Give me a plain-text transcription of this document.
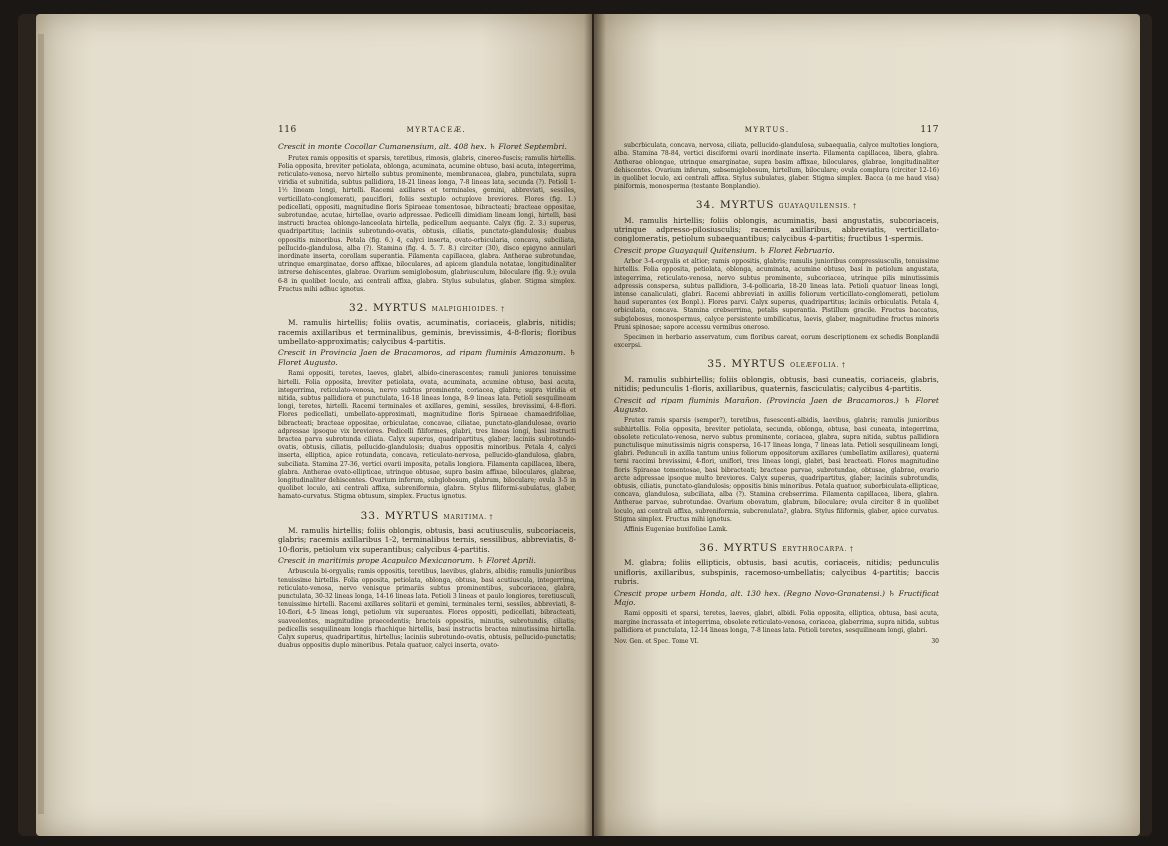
116	MYRTACEÆ.
Crescit in monte Cocollar Cumanensium, alt. 408 hex. ♄ Floret Septembri.

Frutex ramis oppositis et sparsis, teretibus, rimosis, glabris, cinereo-fuscis; ramulis hirtellis. Folia opposita, breviter petiolata, oblonga, acuminata, acumine obtuso, basi acuta, integerrima, reticulato-venosa, nervo hirtello subtus prominente, membranacea, glabra, punctulata, supra viridia et subnitida, subtus pallidiora, 18-21 lineas longa, 7-8 lineas lata, secunda (?). Petioli 1-1½ lineam longi, hirtelli. Racemi axillares et terminales, gemini, abbreviati, sessiles, verticillato-conglomerati, pauciflori, foliis sextuplo octuplove breviores. Flores (fig. 1.) pedicellati, oppositi, magnitudine floris Spiraeae tomentosae, bibracteati; bracteae oppositae, subrotundae, acutae, hirtellae, ovario adpressae. Pedicelli dimidiam lineam longi, hirtelli, basi instructi bractea oblongo-lanceolata hirtella, pedicellum aequante. Calyx (fig. 2. 3.) superus, quadripartitus; laciniis subrotundo-ovatis, obtusis, ciliatis, punctato-glandulosis; duabus oppositis minoribus. Petala (fig. 6.) 4, calyci inserta, ovato-orbicularia, concava, subciliata, pellucido-glandulosa, alba (?). Stamina (fig. 4. 5. 7. 8.) circiter (30), disco epigyno annulari inordinate inserta, corollam superantia. Filamenta capillacea, glabra. Antherae subrotundae, utrinque emarginatae, dorso affixae, biloculares, ad apicem glandula notatae, longitudinaliter intrerse dehiscentes, glabrae. Ovarium semiglobosum, glabriusculum, biloculare (fig. 9.); ovula 6-8 in quolibet loculo, axi centrali affixa, glabra. Stylus subulatus, glaber. Stigma simplex. Fructus mihi adhuc ignotus.

32. MYRTUS MALPIGHIOIDES. †
M. ramulis hirtellis; foliis ovatis, acuminatis, coriaceis, glabris, nitidis; racemis axillaribus et terminalibus, geminis, brevissimis, 4-8-floris; floribus umbellato-approximatis; calycibus 4-partitis.
Crescit in Provincia Jaen de Bracamoros, ad ripam fluminis Amazonum. ♄ Floret Augusto.

Rami oppositi, teretes, laeves, glabri, albido-cinerascentes; ramuli juniores tenuissime hirtelli. Folia opposita, breviter petiolata, ovata, acuminata, acumine obtuso, basi acuta, integerrima, reticulato-venosa, nervo subtus prominente, coriacea, glabra; supra viridia et nitida, subtus pallidiora et punctulata, 16-18 lineas longa, 8-9 lineas lata. Petioli sesquilineam longi, teretes, hirtelli. Racemi terminales et axillares, gemini, sessiles, brevissimi, 4-8-flori. Flores pedicellati, umbellato-approximati, magnitudine floris Spiraeae chamaedrifoliae, bibracteati; bracteae oppositae, orbiculatae, concavae, ciliatae, punctato-glandulosae, ovario adpressae ipsoque vix breviores. Pedicelli filiformes, glabri, tres lineas longi, basi instructi bractea parva subrotunda ciliata. Calyx superus, quadripartitus, glaber; laciniis subrotundo-ovatis, obtusis, ciliatis, pellucido-glandulosis; duabus oppositis minoribus. Petala 4, calyci inserta, elliptica, apice rotundata, concava, reticulato-nervosa, pellucido-glandulosa, glabra, subciliata. Stamina 27-36, vertici ovarii imposita, petalis longiora. Filamenta capillacea, libera, glabra. Antherae ovato-ellipticae, utrinque obtusae, supra basim affixae, biloculares, glabrae, longitudinaliter dehiscentes. Ovarium inferum, subglobosum, glabrum, biloculare; ovula 3-5 in quolibet loculo, axi centrali affixa, subreniformia, glabra. Stylus filiformi-subulatus, glaber, hamato-curvatus. Stigma obtusum, simplex. Fructus ignotus.

33. MYRTUS MARITIMA. †
M. ramulis hirtellis; foliis oblongis, obtusis, basi acutiusculis, subcoriaceis, glabris; racemis axillaribus 1-2, terminalibus ternis, sessilibus, abbreviatis, 8-10-floris, petiolum vix superantibus; calycibus 4-partitis.
Crescit in maritimis prope Acapulco Mexicanorum. ♄ Floret Aprili.

Arbuscula bi-orgyalis; ramis oppositis, teretibus, laevibus, glabris, albidis; ramulis junioribus tenuissime hirtellis. Folia opposita, petiolata, oblonga, obtusa, basi acutiuscula, integerrima, reticulato-venosa, nervo venisque primariis subtus prominentibus, subcoriacea, glabra, punctulata, 30-32 lineas longa, 14-16 lineas lata. Petioli 3 lineas et paulo longiores, teretiusculi, tenuissime hirtelli. Racemi axillares solitarii et gemini, terminales terni, sessiles, abbreviati, 8-10-flori, 4-5 lineas longi, petiolum vix superantes. Flores oppositi, pedicellati, bibracteati, suaveolentes, magnitudine praecedentis; bracteis oppositis, minutis, subrotundis, ciliatis; pedicellis sesquilineam longis rhachique hirtellis, basi instructis bractea minutissima hirtella. Calyx superus, quadripartitus, hirtellus; laciniis subrotundo-ovatis, obtusis, pellucido-punctatis; duabus oppositis duplo minoribus. Petala quatuor, calyci inserta, ovato-

MYRTUS.	117

subcrbiculata, concava, nervosa, ciliata, pellucido-glandulosa, subaequalia, calyce multoties longiora, alba. Stamina 78-84, vertici disciformi ovarii inordinate inserta. Filamenta capillacea, libera, glabra. Antherae oblongae, utrinque emarginatae, supra basim affixae, biloculares, glabrae, longitudinaliter dehiscentes. Ovarium inferum, subsemiglobosum, hirtellum, biloculare; ovula complura (circiter 12-16) in quolibet loculo, axi centrali affixa. Stylus subulatus, glaber. Stigma simplex. Bacca (a me haud visa) piniformis, monosperma (testante Bonplandio).

34. MYRTUS GUAYAQUILENSIS. †
M. ramulis hirtellis; foliis oblongis, acuminatis, basi angustatis, subcoriaceis, utrinque adpresso-pilosiusculis; racemis axillaribus, abbreviatis, verticillato-conglomeratis, petiolum subaequantibus; calycibus 4-partitis; fructibus 1-spermis.
Crescit prope Guayaquil Quitensium. ♄ Floret Februario.

Arbor 3-4-orgyalis et altior; ramis oppositis, glabris; ramulis junioribus compressiusculis, tenuissime hirtellis. Folia opposita, petiolata, oblonga, acuminata, acumine obtuso, basi in petiolum angustata, integerrima, reticulato-venosa, nervo subtus prominente, subcoriacea, utrinque pilis minutissimis adpressis conspersa, subtus pallidiora, 3-4-pollicaria, 18-20 lineas lata. Petioli quatuor lineas longi, intense canaliculati, glabri. Racemi abbreviati in axillis foliorum verticillato-conglomerati, petiolum haud superantes (ex Bonpl.). Flores parvi. Calyx superus, quadripartitus; laciniis orbiculatis. Petala 4, orbiculata, concava. Stamina crebserrima, petalis superantia. Pistillum gracile. Fructus baccatus, subglobosus, monospermus, calyce persistente umbilicatus, laevis, glaber, magnitudine fructus minoris Pruni spinosae; sapore accessu vermibus oneroso.

Specimen in herbario asservatum, cum floribus careat, eorum descriptionem ex schedis Bonplandii excerpsi.

35. MYRTUS OLEÆFOLIA. †
M. ramulis subhirtellis; foliis oblongis, obtusis, basi cuneatis, coriaceis, glabris, nitidis; pedunculis 1-floris, axillaribus, quaternis, fasciculatis; calycibus 4-partitis.
Crescit ad ripam fluminis Marañon. (Provincia Jaen de Bracamoros.) ♄ Floret Augusto.

Frutex ramis sparsis (semper?), teretibus, fusescenti-albidis, laevibus, glabris; ramulis junioribus subhirtellis. Folia opposita, breviter petiolata, secunda, oblonga, obtusa, basi cuneata, integerrima, obsolete reticulato-venosa, nervo subtus prominente, coriacea, glabra, supra nitida, subtus pallidiora punctulisque minutissimis nigris conspersa, 16-17 lineas longa, 7 lineas lata. Petioli sesquilineam longi, glabri. Pedunculi in axilla tantum unius foliorum oppositorum axillares (umbellatim axillares), quaterni terni raccimi brevissimi, 4-flori, uniflori, tres lineas longi, glabri, basi bracteati. Flores magnitudine floris Spiraeae tomentosae, basi bibracteati; bracteae parvae, subrotundae, obtusae, glabrae, ovario arcte adpressae ipsoque multo breviores. Calyx superus, quadripartitus, glaber; laciniis subrotundis, obtusis, ciliatis, punctato-glandulosis; oppositis binis minoribus. Petala quatuor, suborbiculata-ellipticae, concava, glandulosa, subciliata, alba (?). Stamina crebserrima. Filamenta capillacea, libera, glabra. Antherae parvae, subrotundae. Ovarium obovatum, glabrum, biloculare; ovula circiter 8 in quolibet loculo, axi centrali affixa, subreniformia, subcrenulata?, glabra. Stylus filiformis, glaber, apice curvatus. Stigma simplex. Fructus mihi ignotus.

Affinis Eugeniae buxifoliae Lamk.

36. MYRTUS ERYTHROCARPA. †
M. glabra; foliis ellipticis, obtusis, basi acutis, coriaceis, nitidis; pedunculis unifloris, axillaribus, subspinis, racemoso-umbellatis; calycibus 4-partitis; baccis rubris.
Crescit prope urbem Honda, alt. 130 hex. (Regno Novo-Granatensi.) ♄ Fructificat Majo.

Rami oppositi et sparsi, teretes, laeves, glabri, albidi. Folia opposita, elliptica, obtusa, basi acuta, margine incrassata et integerrima, obsolete reticulato-venosa, coriacea, glaberrima, supra nitida, subtus pallidiora et punctulata, 12-14 lineas longa, 7-8 lineas lata. Petioli teretes, sesquilineam longi, glabri.

Nov. Gen. et Spec. Tome VI.	30
